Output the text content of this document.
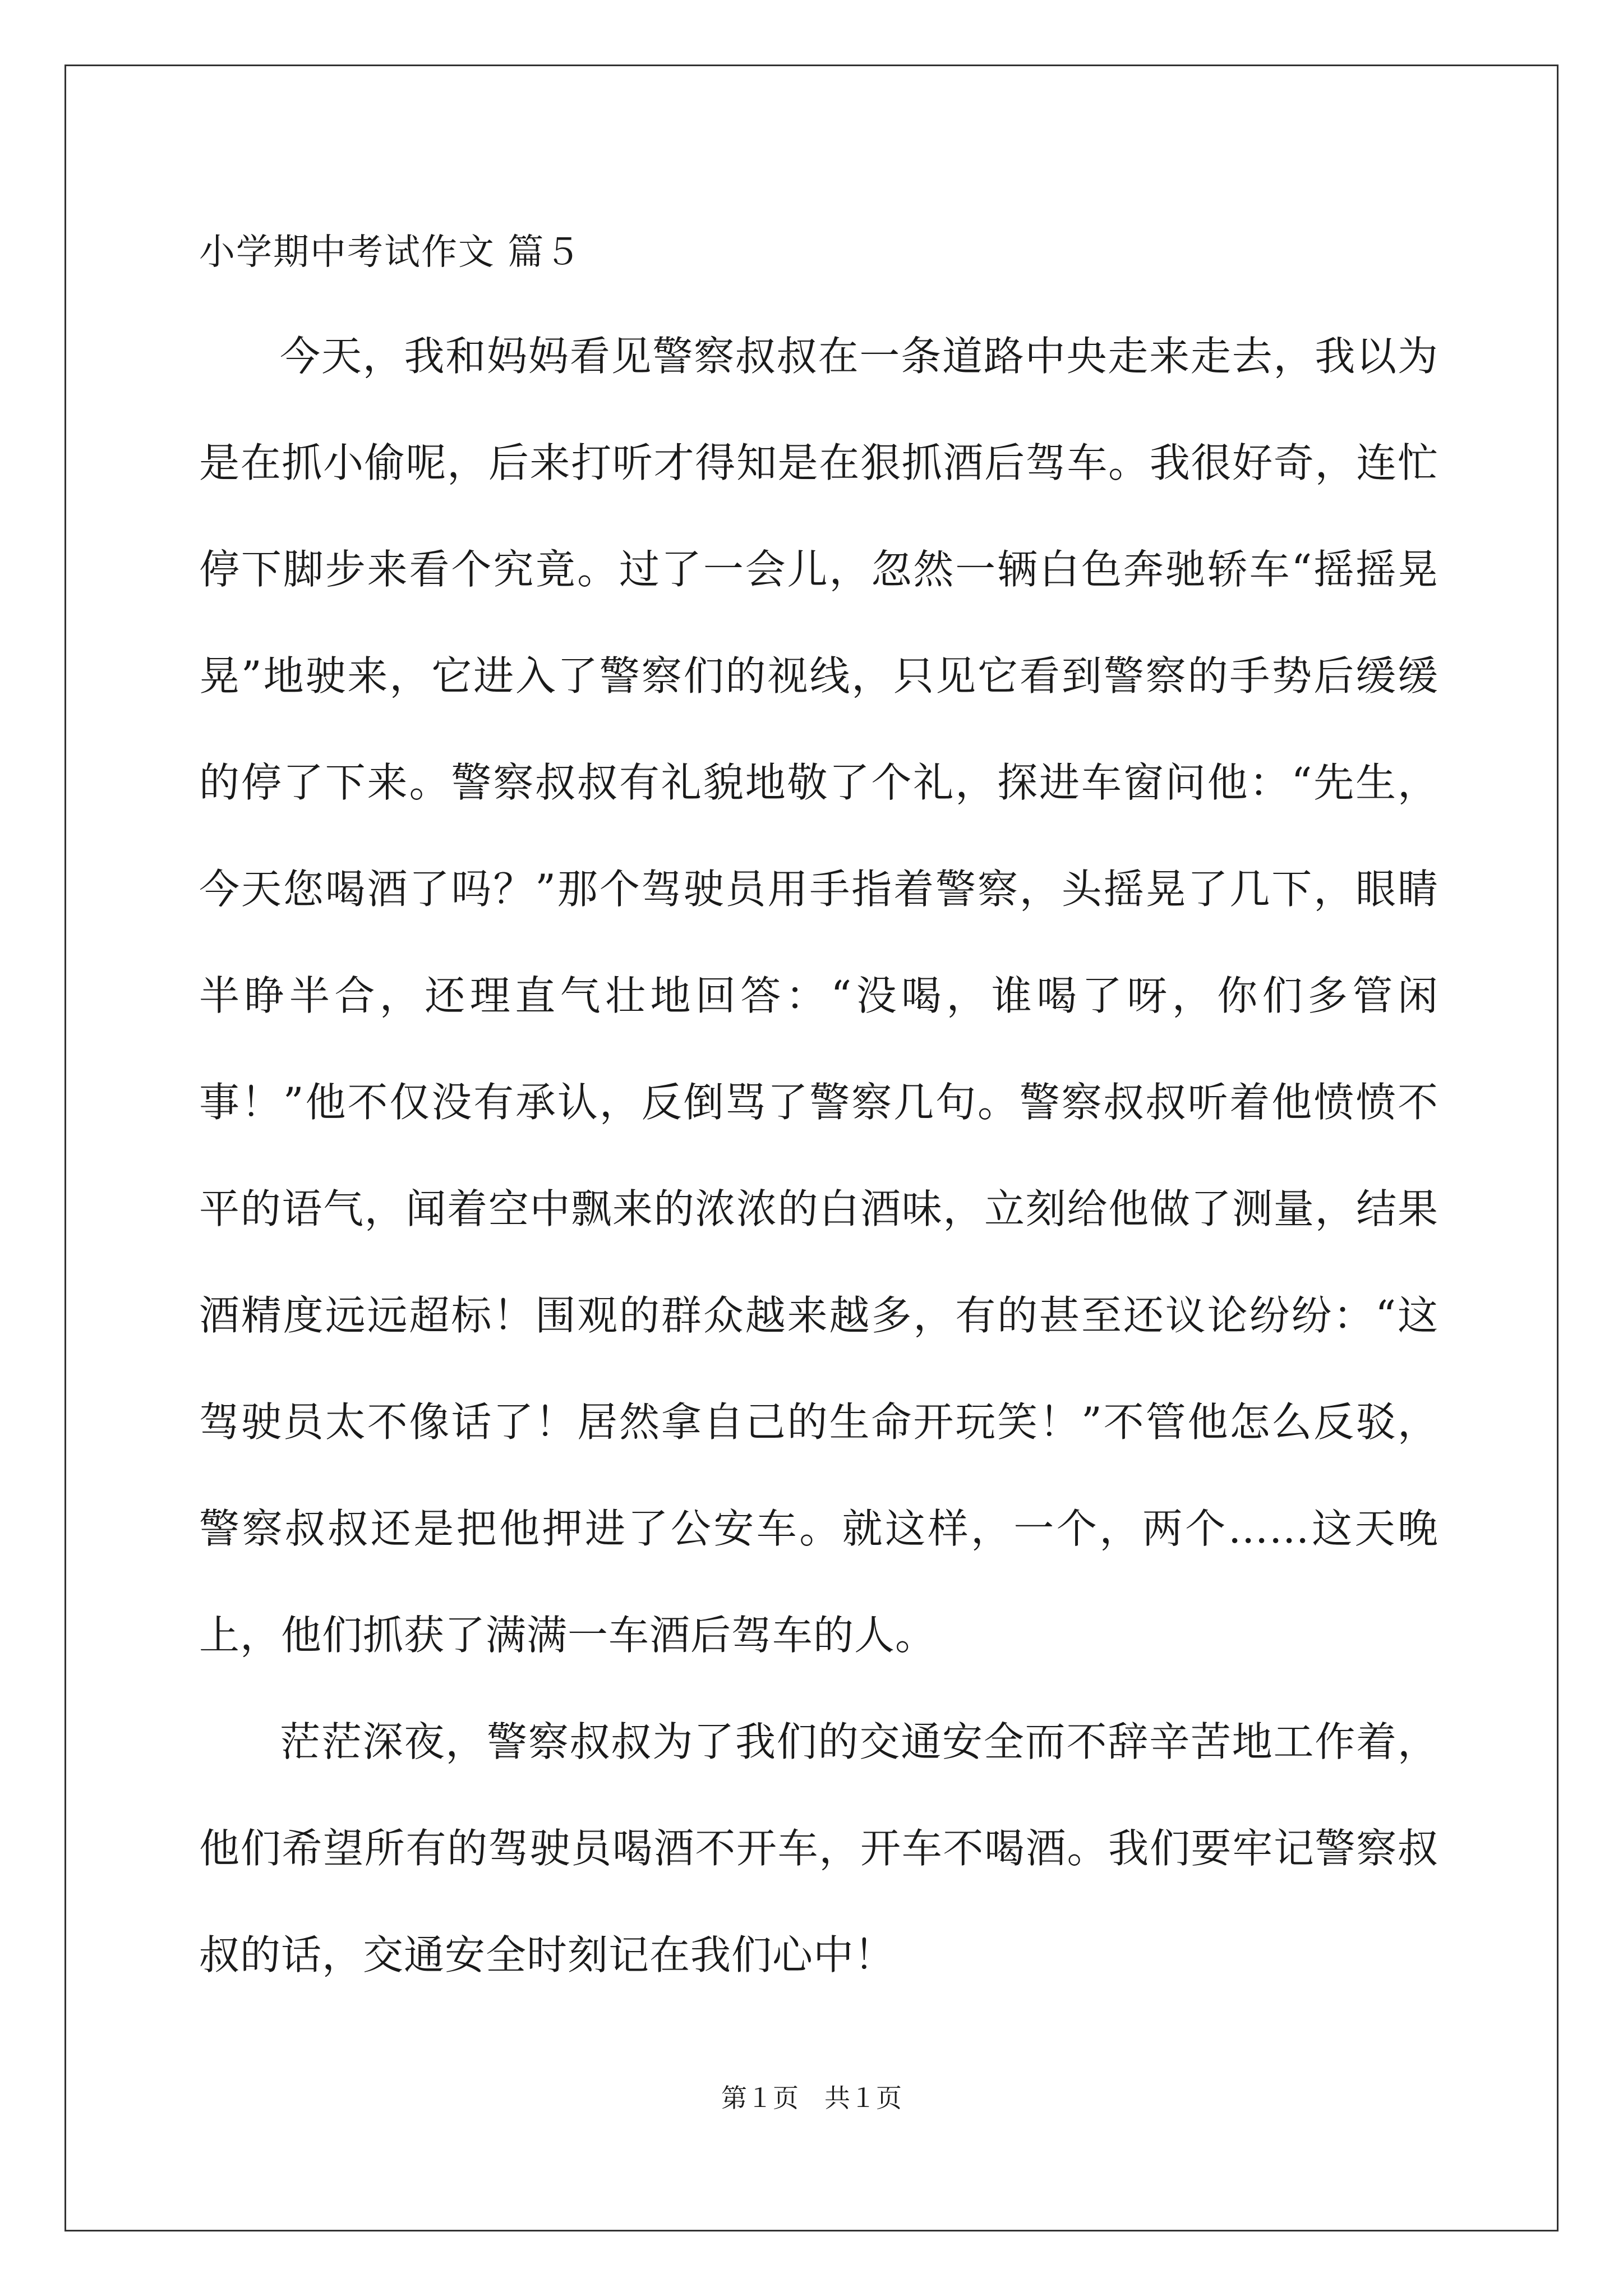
小学期中考试作文 篇５

今天，我和妈妈看见警察叔叔在一条道路中央走来走去，我以为是在抓小偷呢，后来打听才得知是在狠抓酒后驾车。我很好奇，连忙停下脚步来看个究竟。过了一会儿，忽然一辆白色奔驰轿车“摇摇晃晃”地驶来，它进入了警察们的视线，只见它看到警察的手势后缓缓的停了下来。警察叔叔有礼貌地敬了个礼，探进车窗问他：“先生，今天您喝酒了吗？”那个驾驶员用手指着警察，头摇晃了几下，眼睛半睁半合，还理直气壮地回答：“没喝，谁喝了呀，你们多管闲事！”他不仅没有承认，反倒骂了警察几句。警察叔叔听着他愤愤不平的语气，闻着空中飘来的浓浓的白酒味，立刻给他做了测量，结果酒精度远远超标！围观的群众越来越多，有的甚至还议论纷纷：“这驾驶员太不像话了！居然拿自己的生命开玩笑！”不管他怎么反驳，警察叔叔还是把他押进了公安车。就这样，一个，两个……这天晚上，他们抓获了满满一车酒后驾车的人。

茫茫深夜，警察叔叔为了我们的交通安全而不辞辛苦地工作着，他们希望所有的驾驶员喝酒不开车，开车不喝酒。我们要牢记警察叔叔的话，交通安全时刻记在我们心中！

第１页　共１页
